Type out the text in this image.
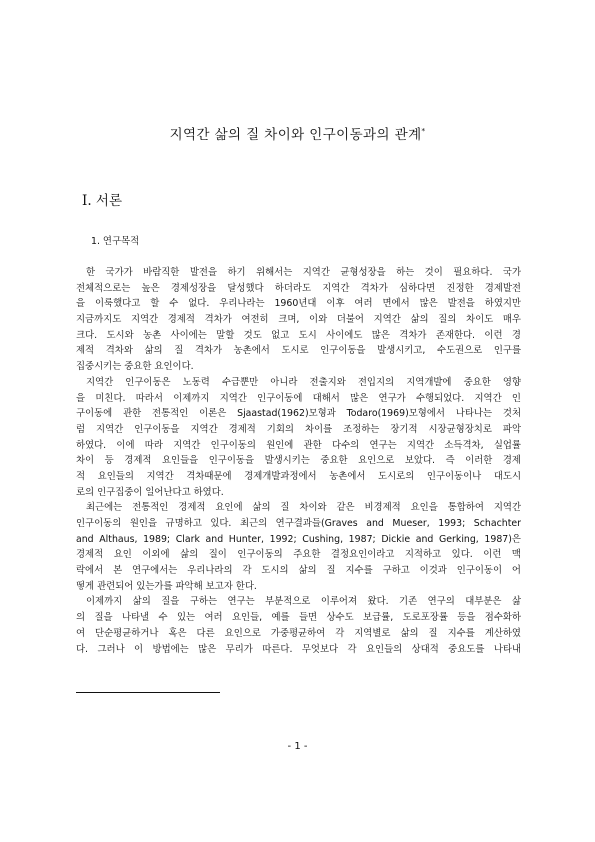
지역간 삶의 질 차이와 인구이동과의 관계*
I. 서론
1. 연구목적
한 국가가 바람직한 발전을 하기 위해서는 지역간 균형성장을 하는 것이 필요하다. 국가
전체적으로는 높은 경제성장을 달성했다 하더라도 지역간 격차가 심하다면 진정한 경제발전
을 이룩했다고 할 수 없다. 우리나라는 1960년대 이후 여러 면에서 많은 발전을 하였지만
지금까지도 지역간 경제적 격차가 여전히 크며, 이와 더불어 지역간 삶의 질의 차이도 매우
크다. 도시와 농촌 사이에는 말할 것도 없고 도시 사이에도 많은 격차가 존재한다. 이런 경
제적 격차와 삶의 질 격차가 농촌에서 도시로 인구이동을 발생시키고, 수도권으로 인구를
집중시키는 중요한 요인이다.
지역간 인구이동은 노동력 수급뿐만 아니라 전출지와 전입지의 지역개발에 중요한 영향
을 미친다. 따라서 이제까지 지역간 인구이동에 대해서 많은 연구가 수행되었다. 지역간 인
구이동에 관한 전통적인 이론은 Sjaastad(1962)모형과 Todaro(1969)모형에서 나타나는 것처
럼 지역간 인구이동을 지역간 경제적 기회의 차이를 조정하는 장기적 시장균형장치로 파악
하였다. 이에 따라 지역간 인구이동의 원인에 관한 다수의 연구는 지역간 소득격차, 실업률
차이 등 경제적 요인들을 인구이동을 발생시키는 중요한 요인으로 보았다. 즉 이러한 경제
적 요인들의 지역간 격차때문에 경제개발과정에서 농촌에서 도시로의 인구이동이나 대도시
로의 인구집중이 일어난다고 하였다.
최근에는 전통적인 경제적 요인에 삶의 질 차이와 같은 비경제적 요인을 통합하여 지역간
인구이동의 원인을 규명하고 있다. 최근의 연구결과들(Graves and Mueser, 1993; Schachter
and Althaus, 1989; Clark and Hunter, 1992; Cushing, 1987; Dickie and Gerking, 1987)은
경제적 요인 이외에 삶의 질이 인구이동의 주요한 결정요인이라고 지적하고 있다. 이런 맥
락에서 본 연구에서는 우리나라의 각 도시의 삶의 질 지수를 구하고 이것과 인구이동이 어
떻게 관련되어 있는가를 파악해 보고자 한다.
이제까지 삶의 질을 구하는 연구는 부분적으로 이루어져 왔다. 기존 연구의 대부분은 삶
의 질을 나타낼 수 있는 여러 요인들, 예를 들면 상수도 보급률, 도로포장률 등을 점수화하
여 단순평균하거나 혹은 다른 요인으로 가중평균하여 각 지역별로 삶의 질 지수를 계산하였
다. 그러나 이 방법에는 많은 무리가 따른다. 무엇보다 각 요인들의 상대적 중요도를 나타내
- 1 -
